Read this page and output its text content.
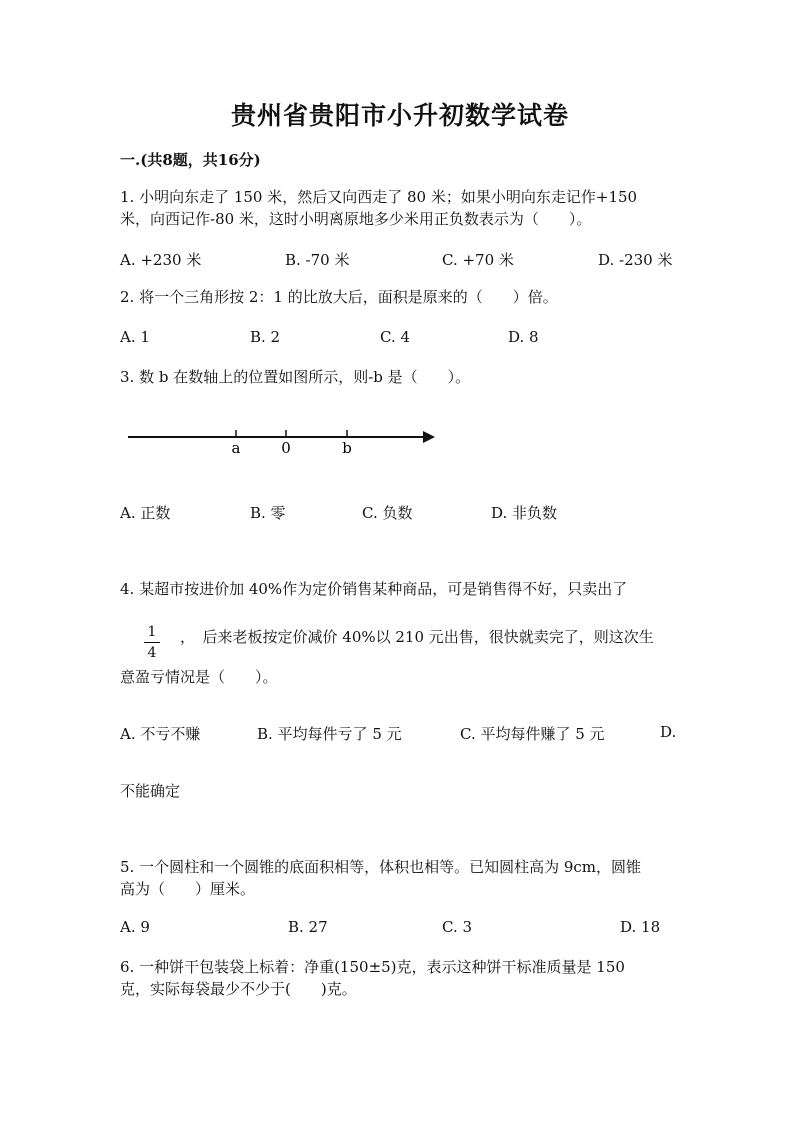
贵州省贵阳市小升初数学试卷
一.(共8题，共16分)
1. 小明向东走了 150 米，然后又向西走了 80 米；如果小明向东走记作+150
米，向西记作-80 米，这时小明离原地多少米用正负数表示为（　　）。
A. +230 米	B. -70 米	C. +70 米	D. -230 米
2. 将一个三角形按 2：1 的比放大后，面积是原来的（　　）倍。
A. 1	B. 2	C. 4	D. 8
3. 数 b 在数轴上的位置如图所示，则-b 是（　　）。
a	0	b
A. 正数	B. 零	C. 负数	D. 非负数
4. 某超市按进价加 40%作为定价销售某种商品，可是销售得不好，只卖出了
1
4
，　后来老板按定价减价 40%以 210 元出售，很快就卖完了，则这次生
意盈亏情况是（　　）。
A. 不亏不赚	B. 平均每件亏了 5 元	C. 平均每件赚了 5 元	D.
不能确定
5. 一个圆柱和一个圆锥的底面积相等，体积也相等。已知圆柱高为 9cm，圆锥
高为（　　）厘米。
A. 9	B. 27	C. 3	D. 18
6. 一种饼干包装袋上标着：净重(150±5)克，表示这种饼干标准质量是 150
克，实际每袋最少不少于(　　)克。
